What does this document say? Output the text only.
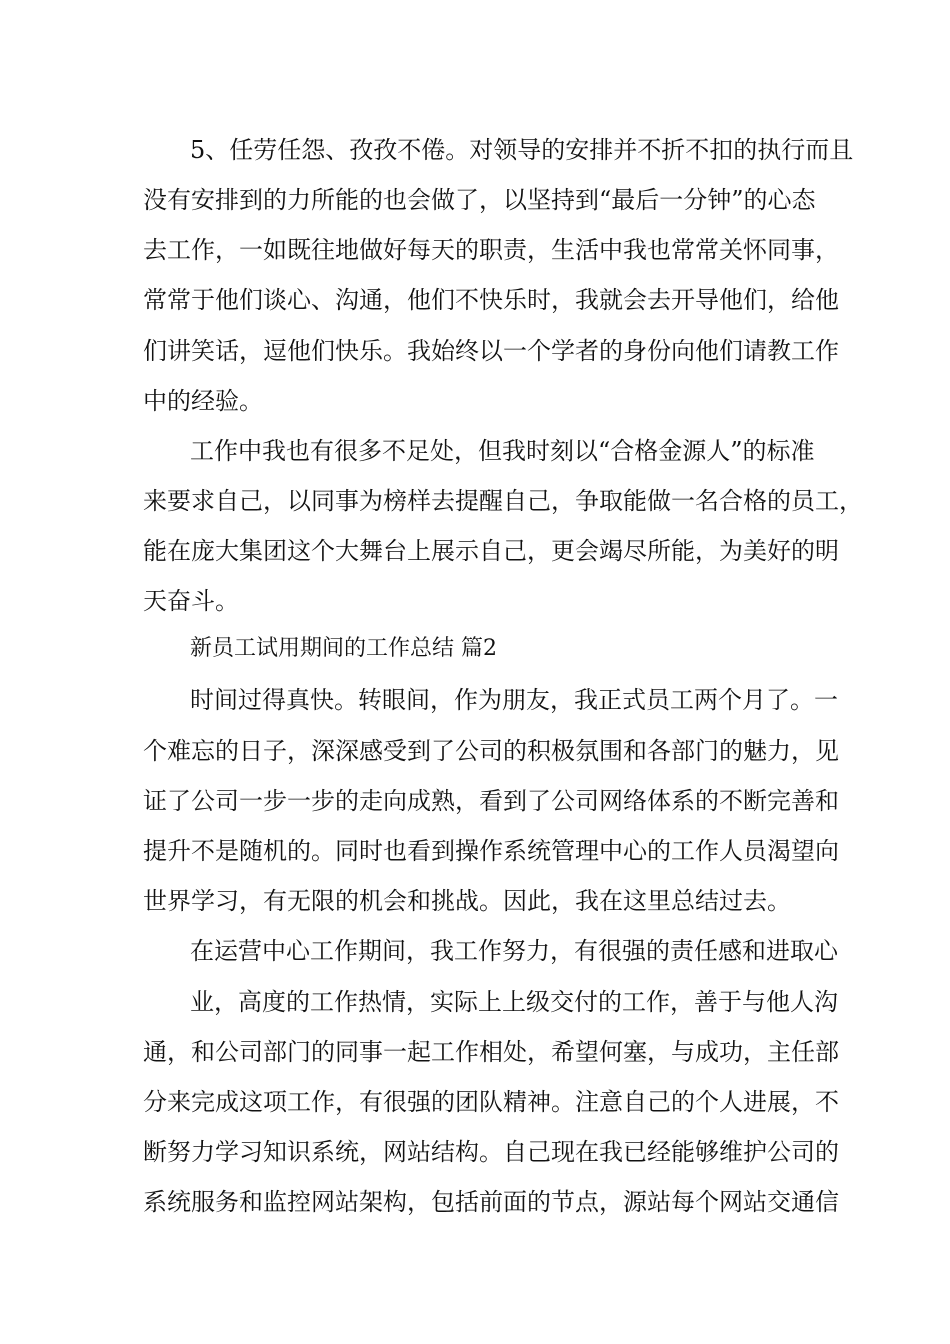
5、任劳任怨、孜孜不倦。对领导的安排并不折不扣的执行而且
没有安排到的力所能的也会做了，以坚持到“最后一分钟”的心态
去工作，一如既往地做好每天的职责，生活中我也常常关怀同事，
常常于他们谈心、沟通，他们不快乐时，我就会去开导他们，给他
们讲笑话，逗他们快乐。我始终以一个学者的身份向他们请教工作
中的经验。
工作中我也有很多不足处，但我时刻以“合格金源人”的标准
来要求自己，以同事为榜样去提醒自己，争取能做一名合格的员工，
能在庞大集团这个大舞台上展示自己，更会竭尽所能，为美好的明
天奋斗。
新员工试用期间的工作总结 篇2
时间过得真快。转眼间，作为朋友，我正式员工两个月了。一
个难忘的日子，深深感受到了公司的积极氛围和各部门的魅力，见
证了公司一步一步的走向成熟，看到了公司网络体系的不断完善和
提升不是随机的。同时也看到操作系统管理中心的工作人员渴望向
世界学习，有无限的机会和挑战。因此，我在这里总结过去。
在运营中心工作期间，我工作努力，有很强的责任感和进取心
业，高度的工作热情，实际上上级交付的工作，善于与他人沟
通，和公司部门的同事一起工作相处，希望何塞，与成功，主任部
分来完成这项工作，有很强的团队精神。注意自己的个人进展，不
断努力学习知识系统，网站结构。自己现在我已经能够维护公司的
系统服务和监控网站架构，包括前面的节点，源站每个网站交通信
